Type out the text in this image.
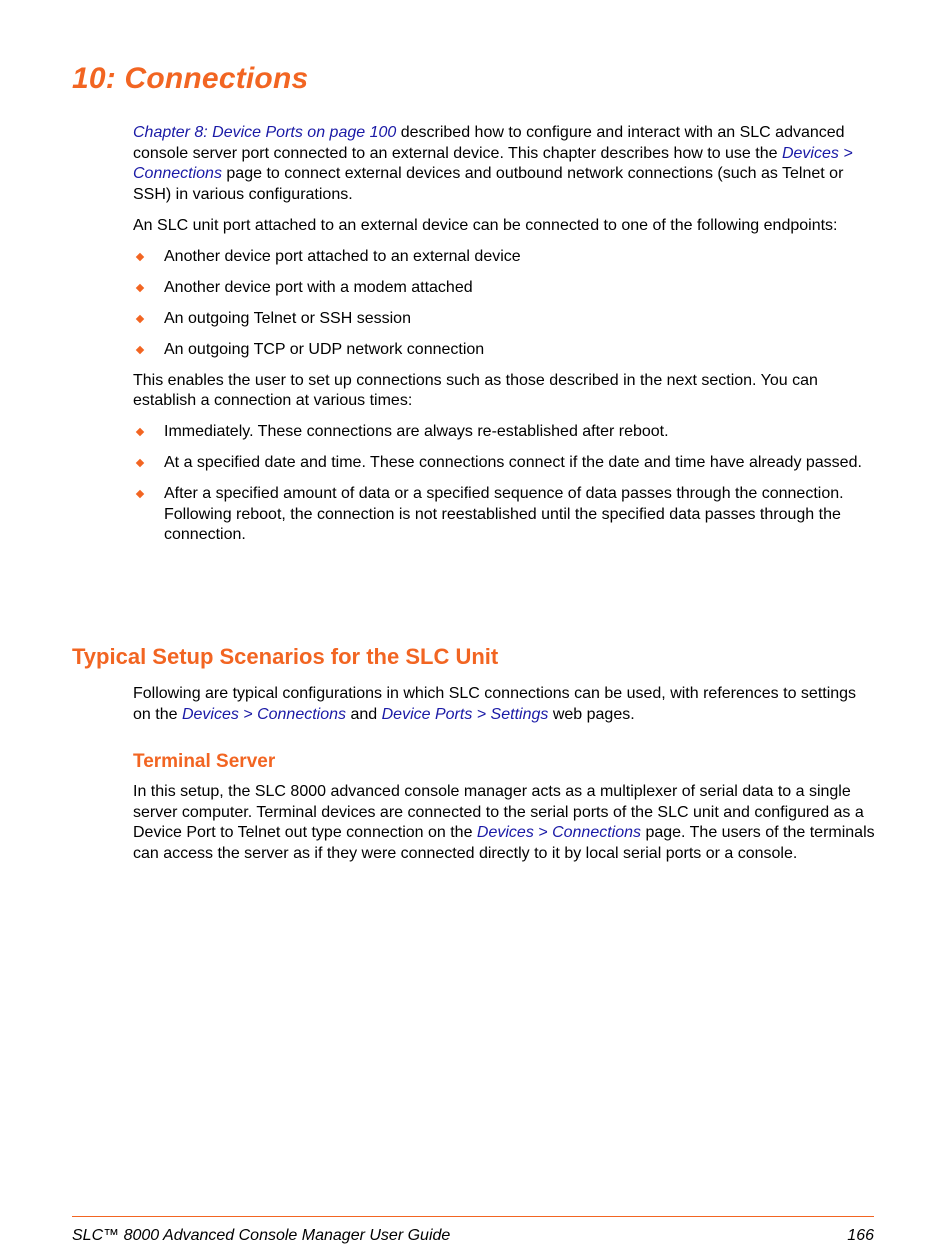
10: Connections

Chapter 8: Device Ports on page 100 described how to configure and interact with an SLC advanced console server port connected to an external device. This chapter describes how to use the Devices > Connections page to connect external devices and outbound network connections (such as Telnet or SSH) in various configurations.

An SLC unit port attached to an external device can be connected to one of the following endpoints:

Another device port attached to an external device
Another device port with a modem attached
An outgoing Telnet or SSH session
An outgoing TCP or UDP network connection

This enables the user to set up connections such as those described in the next section. You can establish a connection at various times:

Immediately. These connections are always re-established after reboot.
At a specified date and time. These connections connect if the date and time have already passed.
After a specified amount of data or a specified sequence of data passes through the connection. Following reboot, the connection is not reestablished until the specified data passes through the connection.
Typical Setup Scenarios for the SLC Unit

Following are typical configurations in which SLC connections can be used, with references to settings on the Devices > Connections and Device Ports > Settings web pages.

Terminal Server

In this setup, the SLC 8000 advanced console manager acts as a multiplexer of serial data to a single server computer. Terminal devices are connected to the serial ports of the SLC unit and configured as a Device Port to Telnet out type connection on the Devices > Connections page. The users of the terminals can access the server as if they were connected directly to it by local serial ports or a console.

SLC™ 8000 Advanced Console Manager User Guide	166
